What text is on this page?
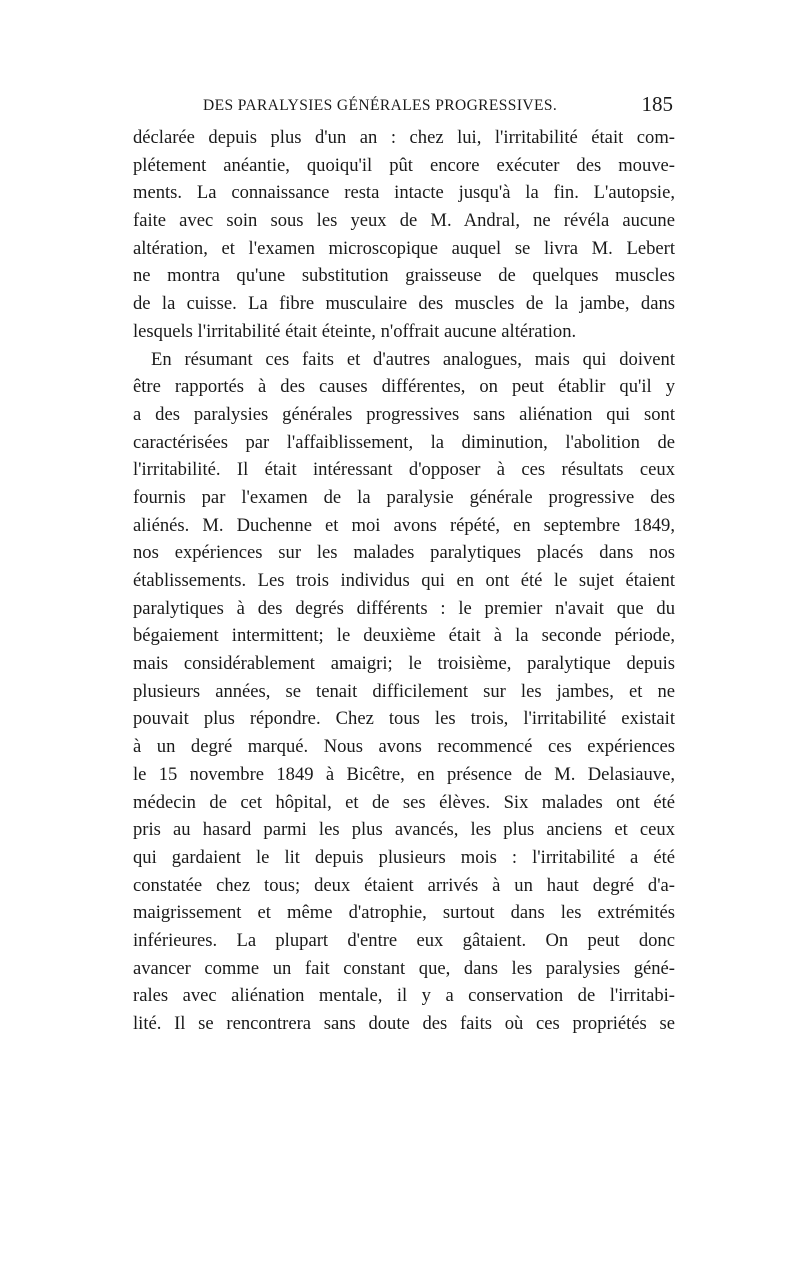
DES PARALYSIES GÉNÉRALES PROGRESSIVES.	185
déclarée depuis plus d'un an : chez lui, l'irritabilité était com-
plétement anéantie, quoiqu'il pût encore exécuter des mouve-
ments. La connaissance resta intacte jusqu'à la fin. L'autopsie,
faite avec soin sous les yeux de M. Andral, ne révéla aucune
altération, et l'examen microscopique auquel se livra M. Lebert
ne montra qu'une substitution graisseuse de quelques muscles
de la cuisse. La fibre musculaire des muscles de la jambe, dans
lesquels l'irritabilité était éteinte, n'offrait aucune altération.
En résumant ces faits et d'autres analogues, mais qui doivent
être rapportés à des causes différentes, on peut établir qu'il y
a des paralysies générales progressives sans aliénation qui sont
caractérisées par l'affaiblissement, la diminution, l'abolition de
l'irritabilité. Il était intéressant d'opposer à ces résultats ceux
fournis par l'examen de la paralysie générale progressive des
aliénés. M. Duchenne et moi avons répété, en septembre 1849,
nos expériences sur les malades paralytiques placés dans nos
établissements. Les trois individus qui en ont été le sujet étaient
paralytiques à des degrés différents : le premier n'avait que du
bégaiement intermittent; le deuxième était à la seconde période,
mais considérablement amaigri; le troisième, paralytique depuis
plusieurs années, se tenait difficilement sur les jambes, et ne
pouvait plus répondre. Chez tous les trois, l'irritabilité existait
à un degré marqué. Nous avons recommencé ces expériences
le 15 novembre 1849 à Bicêtre, en présence de M. Delasiauve,
médecin de cet hôpital, et de ses élèves. Six malades ont été
pris au hasard parmi les plus avancés, les plus anciens et ceux
qui gardaient le lit depuis plusieurs mois : l'irritabilité a été
constatée chez tous; deux étaient arrivés à un haut degré d'a-
maigrissement et même d'atrophie, surtout dans les extrémités
inférieures. La plupart d'entre eux gâtaient. On peut donc
avancer comme un fait constant que, dans les paralysies géné-
rales avec aliénation mentale, il y a conservation de l'irritabi-
lité. Il se rencontrera sans doute des faits où ces propriétés se
